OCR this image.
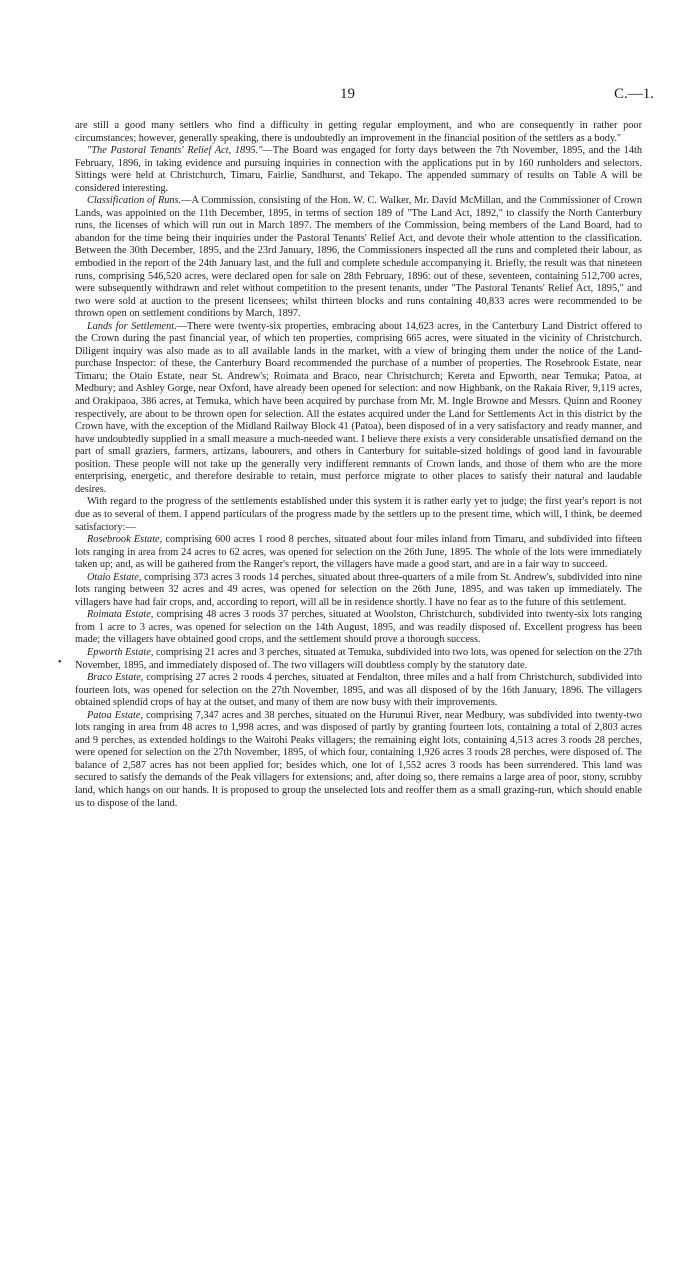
19	C.—1.
•

are still a good many settlers who find a difficulty in getting regular employment, and who are consequently in rather poor circumstances; however, generally speaking, there is undoubtedly an improvement in the financial position of the settlers as a body."

"The Pastoral Tenants' Relief Act, 1895."—The Board was engaged for forty days between the 7th November, 1895, and the 14th February, 1896, in taking evidence and pursuing inquiries in connection with the applications put in by 160 runholders and selectors. Sittings were held at Christchurch, Timaru, Fairlie, Sandhurst, and Tekapo. The appended summary of results on Table A will be considered interesting.

Classification of Runs.—A Commission, consisting of the Hon. W. C. Walker, Mr. David McMillan, and the Commissioner of Crown Lands, was appointed on the 11th December, 1895, in terms of section 189 of "The Land Act, 1892," to classify the North Canterbury runs, the licenses of which will run out in March 1897. The members of the Commission, being members of the Land Board, had to abandon for the time being their inquiries under the Pastoral Tenants' Relief Act, and devote their whole attention to the classification. Between the 30th December, 1895, and the 23rd January, 1896, the Commissioners inspected all the runs and completed their labour, as embodied in the report of the 24th January last, and the full and complete schedule accompanying it. Briefly, the result was that nineteen runs, comprising 546,520 acres, were declared open for sale on 28th February, 1896: out of these, seventeen, containing 512,700 acres, were subsequently withdrawn and relet without competition to the present tenants, under "The Pastoral Tenants' Relief Act, 1895," and two were sold at auction to the present licensees; whilst thirteen blocks and runs containing 40,833 acres were recommended to be thrown open on settlement conditions by March, 1897.

Lands for Settlement.—There were twenty-six properties, embracing about 14,623 acres, in the Canterbury Land District offered to the Crown during the past financial year, of which ten properties, comprising 665 acres, were situated in the vicinity of Christchurch. Diligent inquiry was also made as to all available lands in the market, with a view of bringing them under the notice of the Land-purchase Inspector: of these, the Canterbury Board recommended the purchase of a number of properties. The Rosebrook Estate, near Timaru; the Otaio Estate, near St. Andrew's; Roimata and Braco, near Christchurch; Kereta and Epworth, near Temuka; Patoa, at Medbury; and Ashley Gorge, near Oxford, have already been opened for selection: and now Highbank, on the Rakaia River, 9,119 acres, and Orakipaoa, 386 acres, at Temuka, which have been acquired by purchase from Mr. M. Ingle Browne and Messrs. Quinn and Rooney respectively, are about to be thrown open for selection. All the estates acquired under the Land for Settlements Act in this district by the Crown have, with the exception of the Midland Railway Block 41 (Patoa), been disposed of in a very satisfactory and ready manner, and have undoubtedly supplied in a small measure a much-needed want. I believe there exists a very considerable unsatisfied demand on the part of small graziers, farmers, artizans, labourers, and others in Canterbury for suitable-sized holdings of good land in favourable position. These people will not take up the generally very indifferent remnants of Crown lands, and those of them who are the more enterprising, energetic, and therefore desirable to retain, must perforce migrate to other places to satisfy their natural and laudable desires.

With regard to the progress of the settlements established under this system it is rather early yet to judge; the first year's report is not due as to several of them. I append particulars of the progress made by the settlers up to the present time, which will, I think, be deemed satisfactory:—

Rosebrook Estate, comprising 600 acres 1 rood 8 perches, situated about four miles inland from Timaru, and subdivided into fifteen lots ranging in area from 24 acres to 62 acres, was opened for selection on the 26th June, 1895. The whole of the lots were immediately taken up; and, as will be gathered from the Ranger's report, the villagers have made a good start, and are in a fair way to succeed.

Otaio Estate, comprising 373 acres 3 roods 14 perches, situated about three-quarters of a mile from St. Andrew's, subdivided into nine lots ranging between 32 acres and 49 acres, was opened for selection on the 26th June, 1895, and was taken up immediately. The villagers have had fair crops, and, according to report, will all be in residence shortly. I have no fear as to the future of this settlement.

Roimata Estate, comprising 48 acres 3 roods 37 perches, situated at Woolston, Christchurch, subdivided into twenty-six lots ranging from 1 acre to 3 acres, was opened for selection on the 14th August, 1895, and was readily disposed of. Excellent progress has been made; the villagers have obtained good crops, and the settlement should prove a thorough success.

Epworth Estate, comprising 21 acres and 3 perches, situated at Temuka, subdivided into two lots, was opened for selection on the 27th November, 1895, and immediately disposed of. The two villagers will doubtless comply by the statutory date.

Braco Estate, comprising 27 acres 2 roods 4 perches, situated at Fendalton, three miles and a half from Christchurch, subdivided into fourteen lots, was opened for selection on the 27th November, 1895, and was all disposed of by the 16th January, 1896. The villagers obtained splendid crops of hay at the outset, and many of them are now busy with their improvements.

Patoa Estate, comprising 7,347 acres and 38 perches, situated on the Hurunui River, near Medbury, was subdivided into twenty-two lots ranging in area from 48 acres to 1,998 acres, and was disposed of partly by granting fourteen lots, containing a total of 2,803 acres and 9 perches, as extended holdings to the Waitohi Peaks villagers; the remaining eight lots, containing 4,513 acres 3 roods 28 perches, were opened for selection on the 27th November, 1895, of which four, containing 1,926 acres 3 roods 28 perches, were disposed of. The balance of 2,587 acres has not been applied for; besides which, one lot of 1,552 acres 3 roods has been surrendered. This land was secured to satisfy the demands of the Peak villagers for extensions; and, after doing so, there remains a large area of poor, stony, scrubby land, which hangs on our hands. It is proposed to group the unselected lots and reoffer them as a small grazing-run, which should enable us to dispose of the land.
